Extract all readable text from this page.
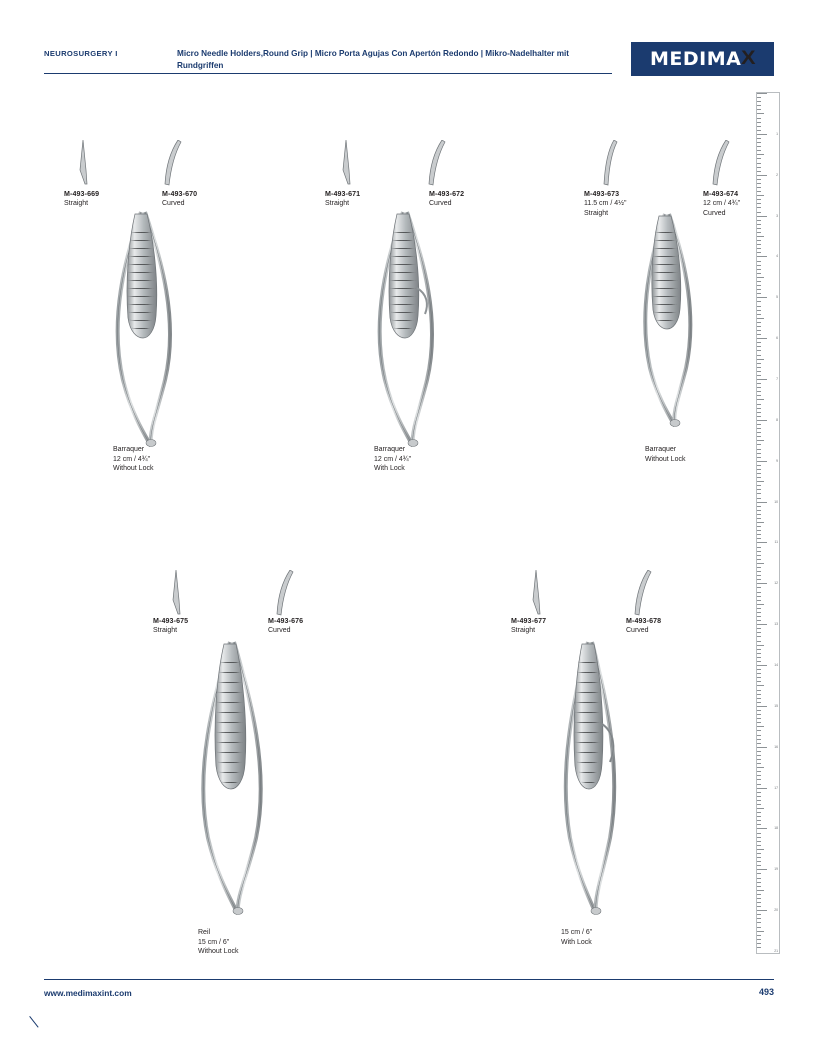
NEUROSURGERY I	Micro Needle Holders,Round Grip | Micro Porta Agujas Con Apertón Redondo | Mikro-Nadelhalter mit Rundgriffen	MEDIMA X
1
2
3
4
5
6
7
8
9
10
11
12
13
14
15
16
17
18
19
20
21
M-493-669
Straight
M-493-670
Curved
Barraquer
12 cm / 4¾"
Without Lock
M-493-671
Straight
M-493-672
Curved
Barraquer
12 cm / 4¾"
With Lock
M-493-673
11.5 cm / 4½"
Straight
M-493-674
12 cm / 4¾"
Curved
Barraquer
Without Lock
M-493-675
Straight
M-493-676
Curved
Reil
15 cm / 6"
Without Lock
M-493-677
Straight
M-493-678
Curved
15 cm / 6"
With Lock
www.medimaxint.com	493
